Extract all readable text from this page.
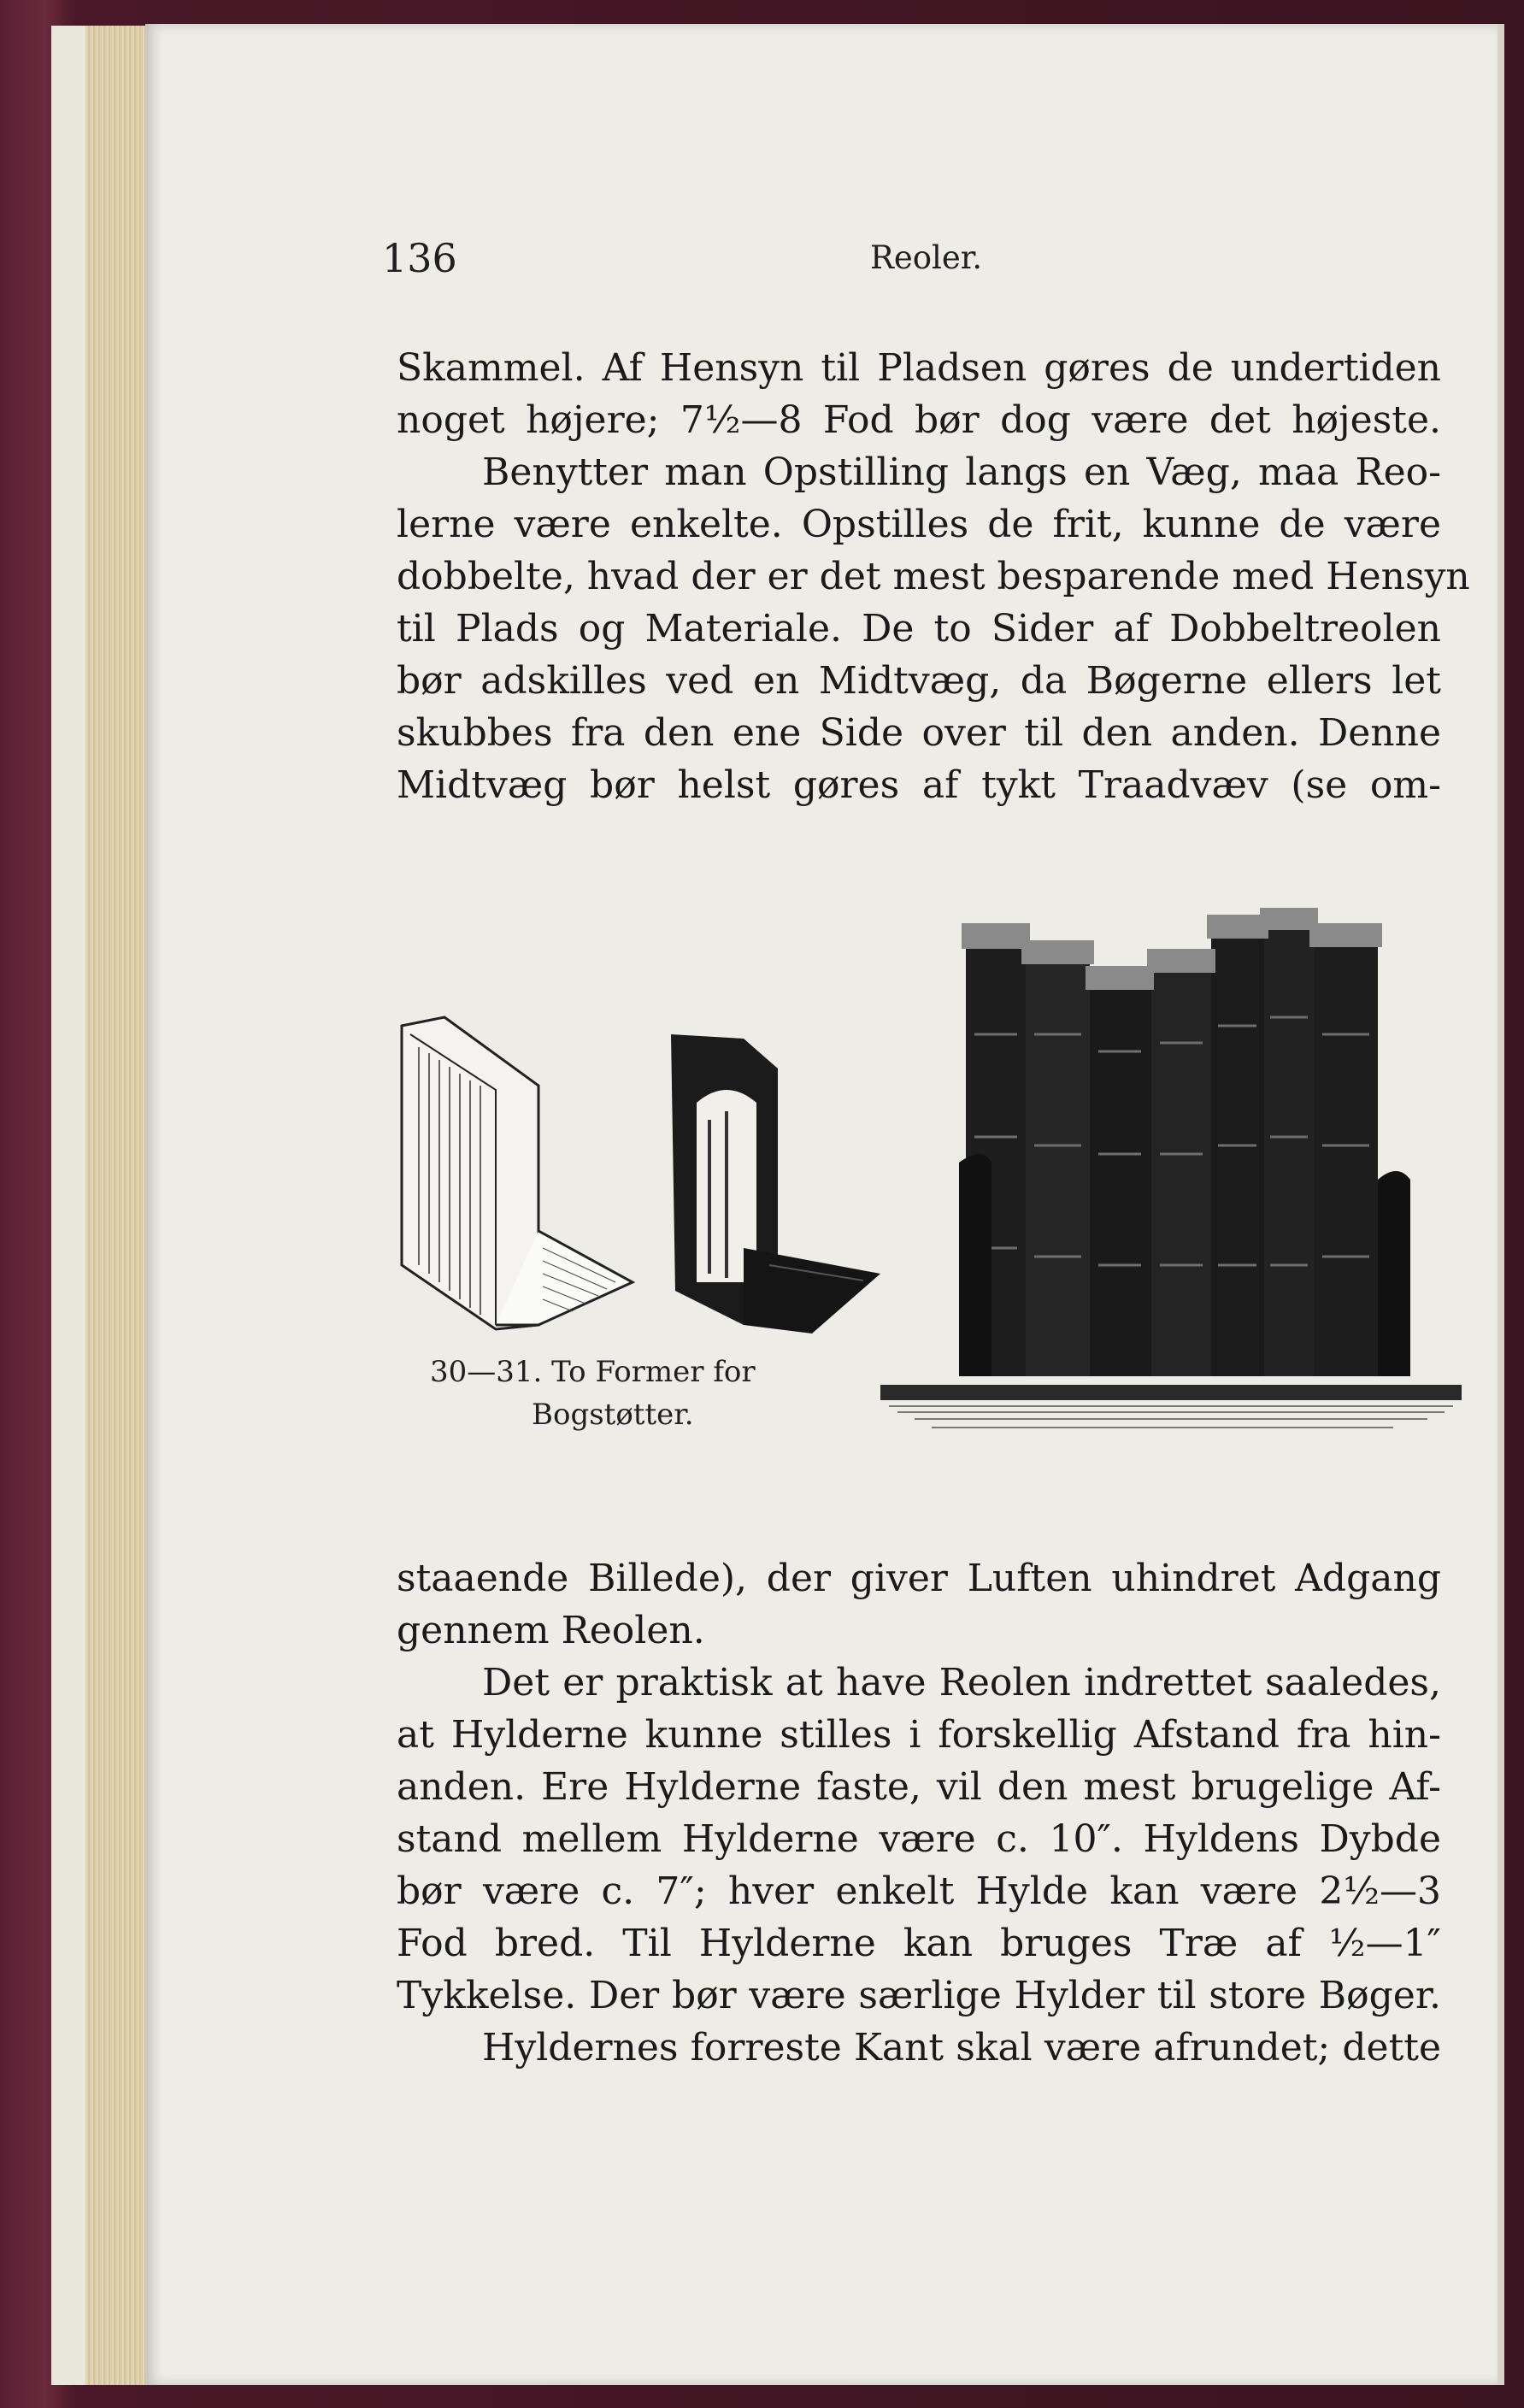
136	Reoler.
Skammel. Af Hensyn til Pladsen gøres de undertiden
noget højere; 7½—8 Fod bør dog være det højeste.
Benytter man Opstilling langs en Væg, maa Reo-
lerne være enkelte. Opstilles de frit, kunne de være
dobbelte, hvad der er det mest besparende med Hensyn
til Plads og Materiale. De to Sider af Dobbeltreolen
bør adskilles ved en Midtvæg, da Bøgerne ellers let
skubbes fra den ene Side over til den anden. Denne
Midtvæg bør helst gøres af tykt Traadvæv (se om-
30—31. To Former for
Bogstøtter.
staaende Billede), der giver Luften uhindret Adgang
gennem Reolen.
Det er praktisk at have Reolen indrettet saaledes,
at Hylderne kunne stilles i forskellig Afstand fra hin-
anden. Ere Hylderne faste, vil den mest brugelige Af-
stand mellem Hylderne være c. 10″. Hyldens Dybde
bør være c. 7″; hver enkelt Hylde kan være 2½—3
Fod bred. Til Hylderne kan bruges Træ af ½—1″
Tykkelse. Der bør være særlige Hylder til store Bøger.
Hyldernes forreste Kant skal være afrundet; dette
